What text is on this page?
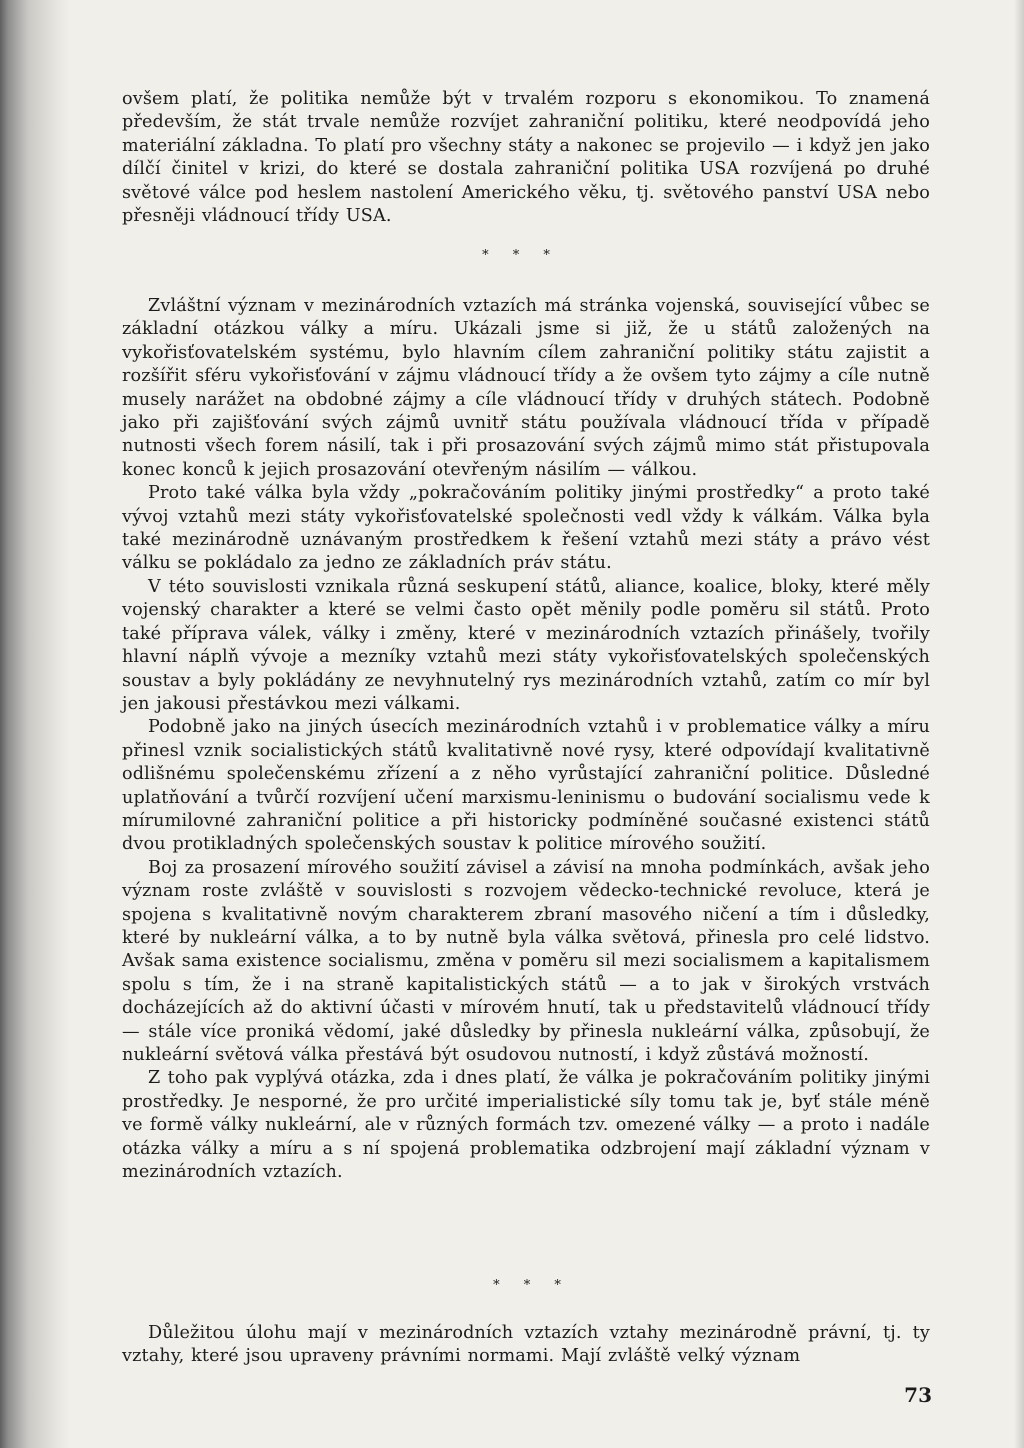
ovšem platí, že politika nemůže být v trvalém rozporu s ekonomikou. To znamená především, že stát trvale nemůže rozvíjet zahraniční politiku, které neodpovídá jeho materiální základna. To platí pro všechny státy a nakonec se projevilo — i když jen jako dílčí činitel v krizi, do které se dostala zahraniční politika USA rozvíjená po druhé světové válce pod heslem nastolení Amerického věku, tj. světového panství USA nebo přesněji vládnoucí třídy USA.

* * *

Zvláštní význam v mezinárodních vztazích má stránka vojenská, související vůbec se základní otázkou války a míru. Ukázali jsme si již, že u států založených na vykořisťovatelském systému, bylo hlavním cílem zahraniční politiky státu zajistit a rozšířit sféru vykořisťování v zájmu vládnoucí třídy a že ovšem tyto zájmy a cíle nutně musely narážet na obdobné zájmy a cíle vládnoucí třídy v druhých státech. Podobně jako při zajišťování svých zájmů uvnitř státu používala vládnoucí třída v případě nutnosti všech forem násilí, tak i při prosazování svých zájmů mimo stát přistupovala konec konců k jejich prosazování otevřeným násilím — válkou.

Proto také válka byla vždy „pokračováním politiky jinými prostředky“ a proto také vývoj vztahů mezi státy vykořisťovatelské společnosti vedl vždy k válkám. Válka byla také mezinárodně uznávaným prostředkem k řešení vztahů mezi státy a právo vést válku se pokládalo za jedno ze základních práv státu.

V této souvislosti vznikala různá seskupení států, aliance, koalice, bloky, které měly vojenský charakter a které se velmi často opět měnily podle poměru sil států. Proto také příprava válek, války i změny, které v mezinárodních vztazích přinášely, tvořily hlavní náplň vývoje a mezníky vztahů mezi státy vykořisťovatelských společenských soustav a byly pokládány ze nevyhnutelný rys mezinárodních vztahů, zatím co mír byl jen jakousi přestávkou mezi válkami.

Podobně jako na jiných úsecích mezinárodních vztahů i v problematice války a míru přinesl vznik socialistických států kvalitativně nové rysy, které odpovídají kvalitativně odlišnému společenskému zřízení a z něho vyrůstající zahraniční politice. Důsledné uplatňování a tvůrčí rozvíjení učení marxismu-leninismu o budování socialismu vede k mírumilovné zahraniční politice a při historicky podmíněné současné existenci států dvou protikladných společenských soustav k politice mírového soužití.

Boj za prosazení mírového soužití závisel a závisí na mnoha podmínkách, avšak jeho význam roste zvláště v souvislosti s rozvojem vědecko-technické revoluce, která je spojena s kvalitativně novým charakterem zbraní masového ničení a tím i důsledky, které by nukleární válka, a to by nutně byla válka světová, přinesla pro celé lidstvo. Avšak sama existence socialismu, změna v poměru sil mezi socialismem a kapitalismem spolu s tím, že i na straně kapitalistických států — a to jak v širokých vrstvách docházejících až do aktivní účasti v mírovém hnutí, tak u představitelů vládnoucí třídy — stále více proniká vědomí, jaké důsledky by přinesla nukleární válka, způsobují, že nukleární světová válka přestává být osudovou nutností, i když zůstává možností.

Z toho pak vyplývá otázka, zda i dnes platí, že válka je pokračováním politiky jinými prostředky. Je nesporné, že pro určité imperialistické síly tomu tak je, byť stále méně ve formě války nukleární, ale v různých formách tzv. omezené války — a proto i nadále otázka války a míru a s ní spojená problematika odzbrojení mají základní význam v mezinárodních vztazích.

* * *

Důležitou úlohu mají v mezinárodních vztazích vztahy mezinárodně právní, tj. ty vztahy, které jsou upraveny právními normami. Mají zvláště velký význam

73
